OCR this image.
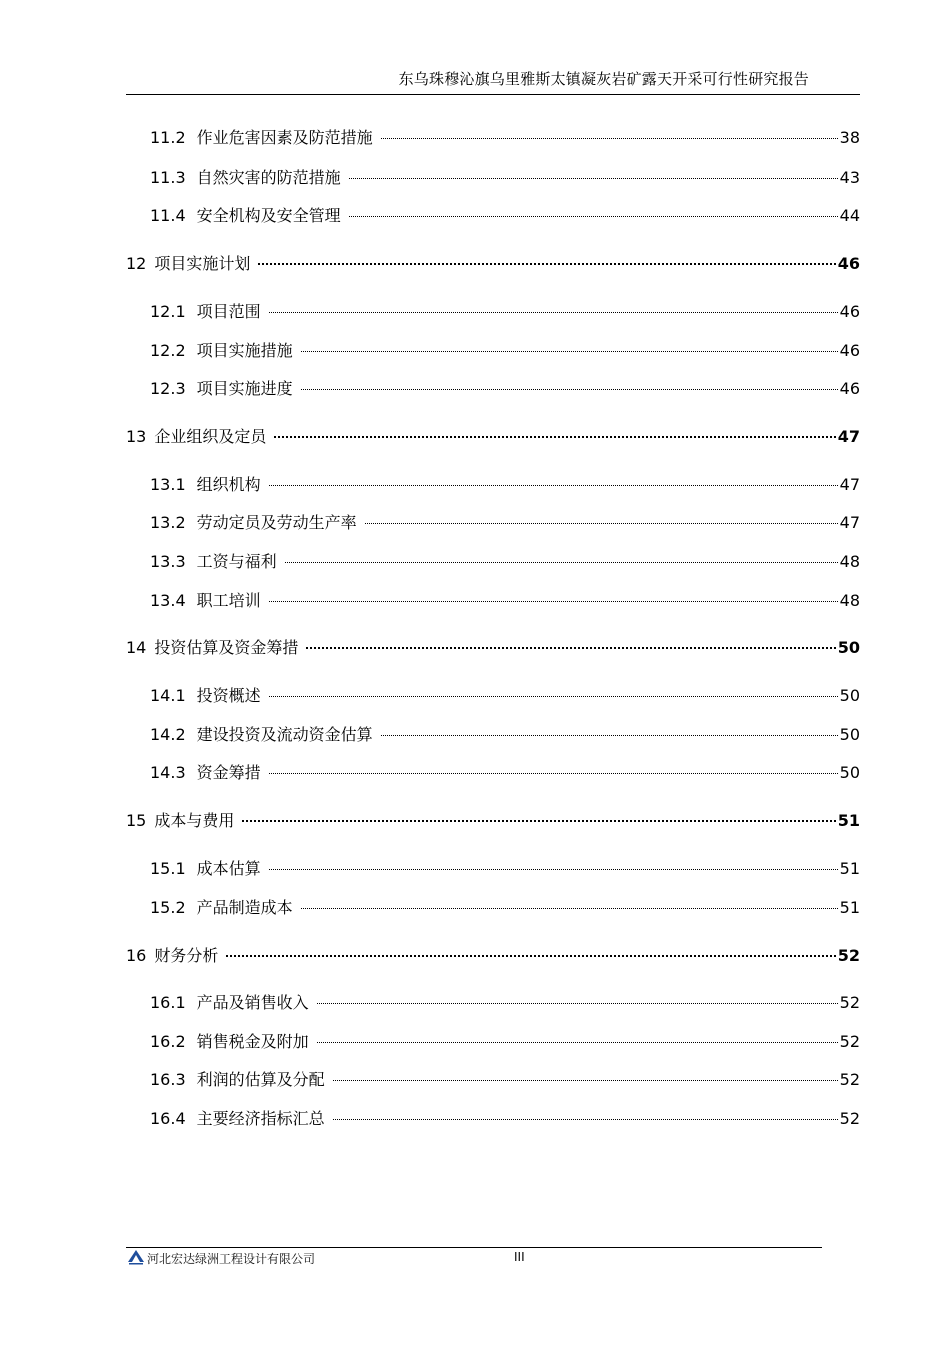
东乌珠穆沁旗乌里雅斯太镇凝灰岩矿露天开采可行性研究报告
11.2 作业危害因素及防范措施	38
11.3 自然灾害的防范措施	43
11.4 安全机构及安全管理	44
12 项目实施计划	46
12.1 项目范围	46
12.2 项目实施措施	46
12.3 项目实施进度	46
13 企业组织及定员	47
13.1 组织机构	47
13.2 劳动定员及劳动生产率	47
13.3 工资与福利	48
13.4 职工培训	48
14 投资估算及资金筹措	50
14.1 投资概述	50
14.2 建设投资及流动资金估算	50
14.3 资金筹措	50
15 成本与费用	51
15.1 成本估算	51
15.2 产品制造成本	51
16 财务分析	52
16.1 产品及销售收入	52
16.2 销售税金及附加	52
16.3 利润的估算及分配	52
16.4 主要经济指标汇总	52
河北宏达绿洲工程设计有限公司	III
